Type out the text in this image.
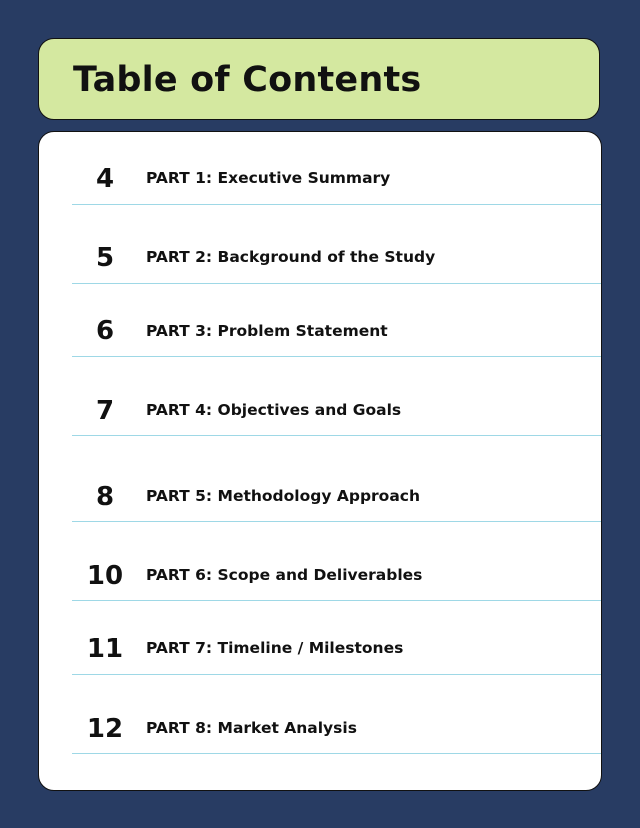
Table of Contents
4	PART 1: Executive Summary
5	PART 2: Background of the Study
6	PART 3: Problem Statement
7	PART 4: Objectives and Goals
8	PART 5: Methodology Approach
10	PART 6: Scope and Deliverables
11	PART 7: Timeline / Milestones
12	PART 8: Market Analysis
